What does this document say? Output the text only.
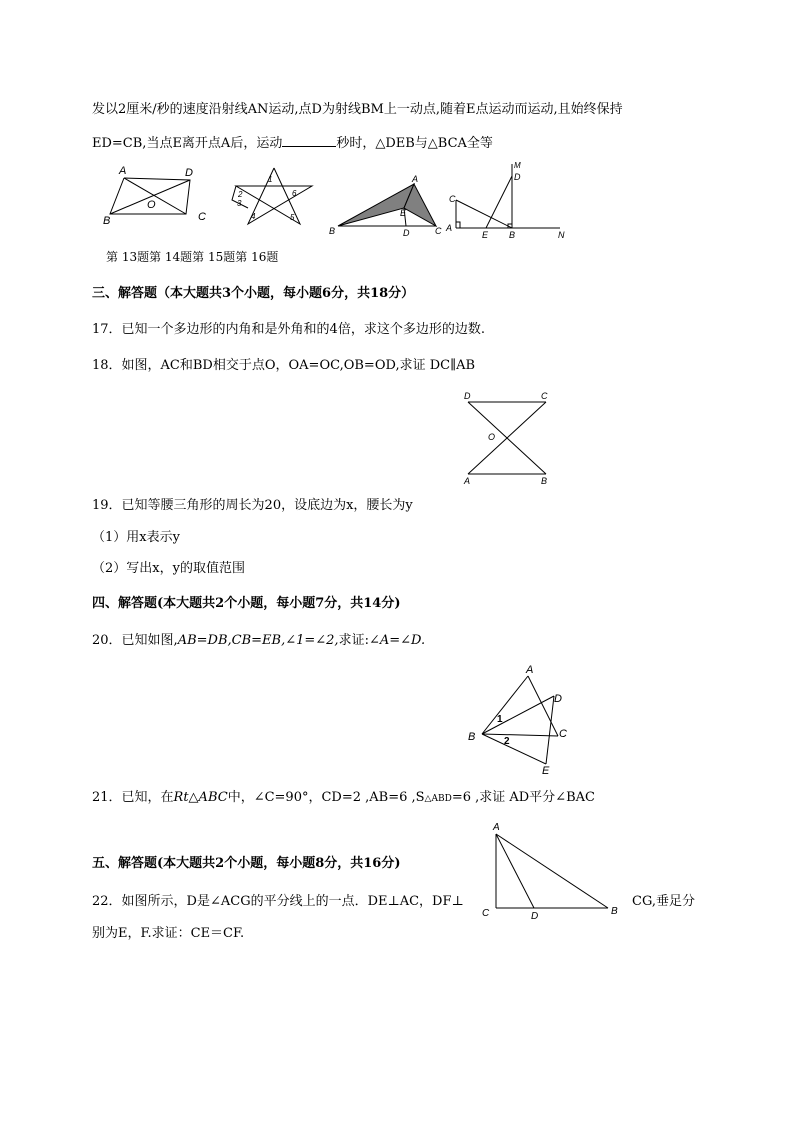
发以2厘米/秒的速度沿射线AN运动,点D为射线BM上一动点,随着E点运动而运动,且始终保持
ED=CB,当点E离开点A后，运动	秒时，△DEB与△BCA全等
A	D
O
B	C
1
2
3
4	5
6
A
E
B	D	C
M
D
C
A
E B	N
第 13题第 14题第 15题第 16题
三、解答题（本大题共3个小题，每小题6分，共18分）
17．已知一个多边形的内角和是外角和的4倍，求这个多边形的边数.
18．如图，AC和BD相交于点O，OA=OC,OB=OD,求证 DC∥AB
D	C
O
A	B
19．已知等腰三角形的周长为20，设底边为x，腰长为y
（1）用x表示y
（2）写出x，y的取值范围
四、解答题(本大题共2个小题，每小题7分，共14分)
20．已知如图,AB=DB,CB=EB,∠1=∠2,求证:∠A=∠D.
A
D
B	C
E
1
2
21．已知，在Rt△ABC中，∠C=90°，CD=2 ,AB=6 ,S△ABD=6 ,求证 AD平分∠BAC
A
C	D	B
五、解答题(本大题共2个小题，每小题8分，共16分)
22．如图所示，D是∠ACG的平分线上的一点．DE⊥AC，DF⊥	CG,垂足分
别为E，F.求证：CE＝CF.
